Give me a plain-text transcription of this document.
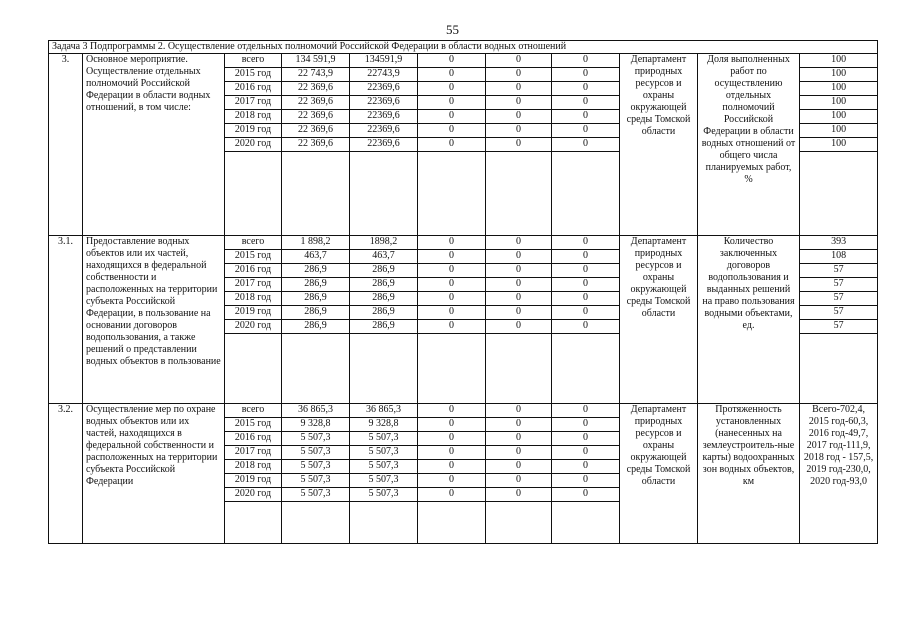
55
Задача 3 Подпрограммы 2. Осуществление отдельных полномочий Российской Федерации в области водных отношений										
3.	Основное мероприятие. Осуществление отдельных полномочий Российской Федерации в области водных отношений, в том числе:	всего	134 591,9	134591,9	0	0	0	Департамент природных ресурсов и охраны окружающей среды Томской области	Доля выполненных работ по осуществлению отдельных полномочий Российской Федерации в области водных отношений от общего числа планируемых работ, %	100
		2015 год	22 743,9	22743,9	0	0	0			100
		2016 год	22 369,6	22369,6	0	0	0			100
		2017 год	22 369,6	22369,6	0	0	0			100
		2018 год	22 369,6	22369,6	0	0	0			100
		2019 год	22 369,6	22369,6	0	0	0			100
		2020 год	22 369,6	22369,6	0	0	0			100

3.1.	Предоставление водных объектов или их частей, находящихся в федеральной собственности и расположенных на территории субъекта Российской Федерации, в пользование на основании договоров водопользования, а также решений о представлении водных объектов в пользование	всего	1 898,2	1898,2	0	0	0	Департамент природных ресурсов и охраны окружающей среды Томской области	Количество заключенных договоров водопользования и выданных решений на право пользования водными объектами, ед.	393
		2015 год	463,7	463,7	0	0	0			108
		2016 год	286,9	286,9	0	0	0			57
		2017 год	286,9	286,9	0	0	0			57
		2018 год	286,9	286,9	0	0	0			57
		2019 год	286,9	286,9	0	0	0			57
		2020 год	286,9	286,9	0	0	0			57

3.2.	Осуществление мер по охране водных объектов или их частей, находящихся в федеральной собственности и расположенных на территории субъекта Российской Федерации	всего	36 865,3	36 865,3	0	0	0	Департамент природных ресурсов и охраны окружающей среды Томской области	Протяженность установленных (нанесенных на землеустроитель-ные карты) водоохранных зон водных объектов, км	Всего-702,4, 2015 год-60,3, 2016 год-49,7, 2017 год-111,9, 2018 год - 157,5, 2019 год-230,0, 2020 год-93,0
		2015 год	9 328,8	9 328,8	0	0	0			
		2016 год	5 507,3	5 507,3	0	0	0			
		2017 год	5 507,3	5 507,3	0	0	0			
		2018 год	5 507,3	5 507,3	0	0	0			
		2019 год	5 507,3	5 507,3	0	0	0			
		2020 год	5 507,3	5 507,3	0	0	0			
